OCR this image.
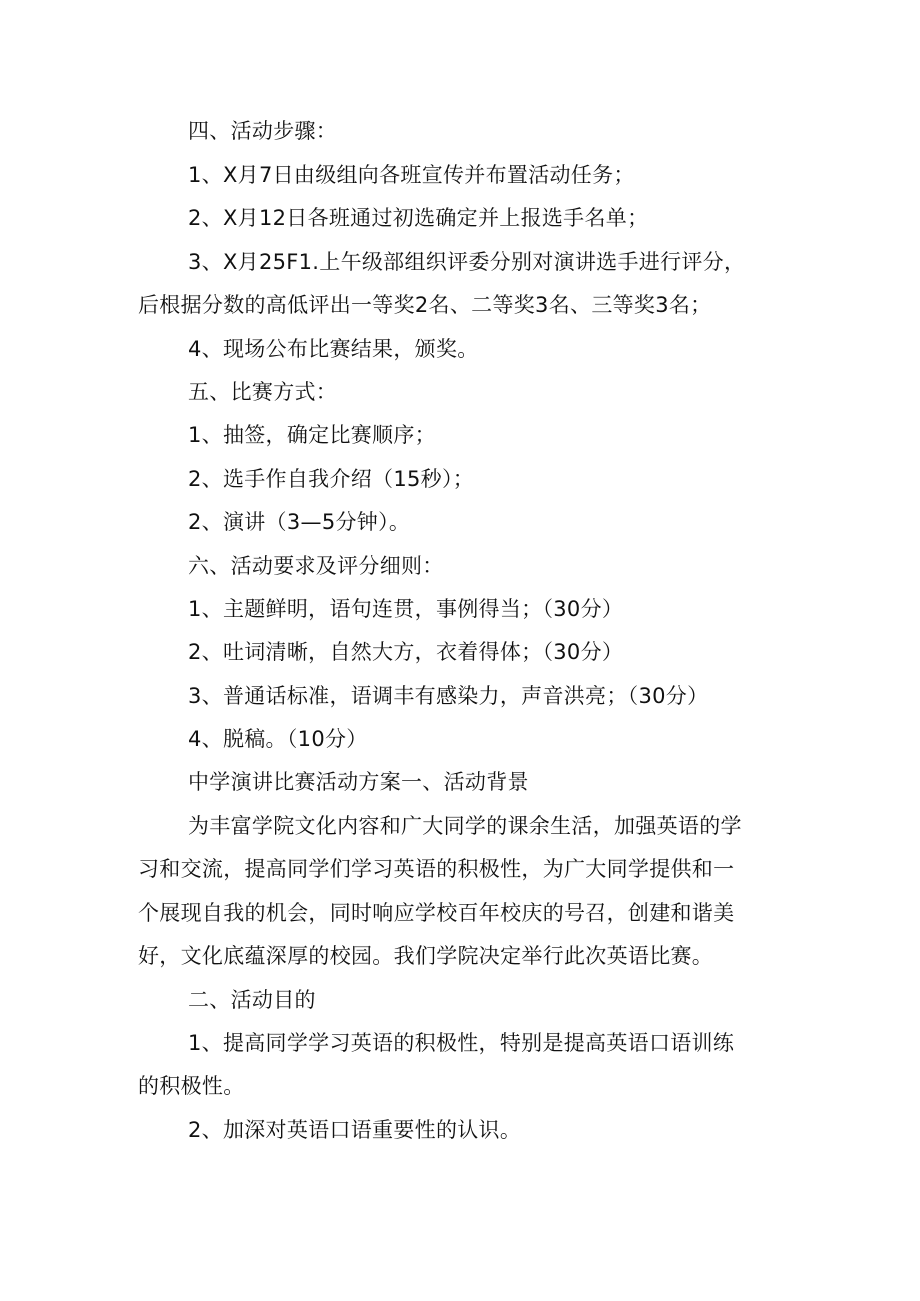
四、活动步骤：
1、X月7日由级组向各班宣传并布置活动任务；
2、X月12日各班通过初选确定并上报选手名单；
3、X月25F1.上午级部组织评委分别对演讲选手进行评分，
后根据分数的高低评出一等奖2名、二等奖3名、三等奖3名；
4、现场公布比赛结果，颁奖。
五、比赛方式：
1、抽签，确定比赛顺序；
2、选手作自我介绍（15秒）；
2、演讲（3—5分钟）。
六、活动要求及评分细则：
1、主题鲜明，语句连贯，事例得当；（30分）
2、吐词清晰，自然大方，衣着得体；（30分）
3、普通话标准，语调丰有感染力，声音洪亮；（30分）
4、脱稿。（10分）
中学演讲比赛活动方案一、活动背景
为丰富学院文化内容和广大同学的课余生活，加强英语的学
习和交流，提高同学们学习英语的积极性，为广大同学提供和一
个展现自我的机会，同时响应学校百年校庆的号召，创建和谐美
好，文化底蕴深厚的校园。我们学院决定举行此次英语比赛。
二、活动目的
1、提高同学学习英语的积极性，特别是提高英语口语训练
的积极性。
2、加深对英语口语重要性的认识。
